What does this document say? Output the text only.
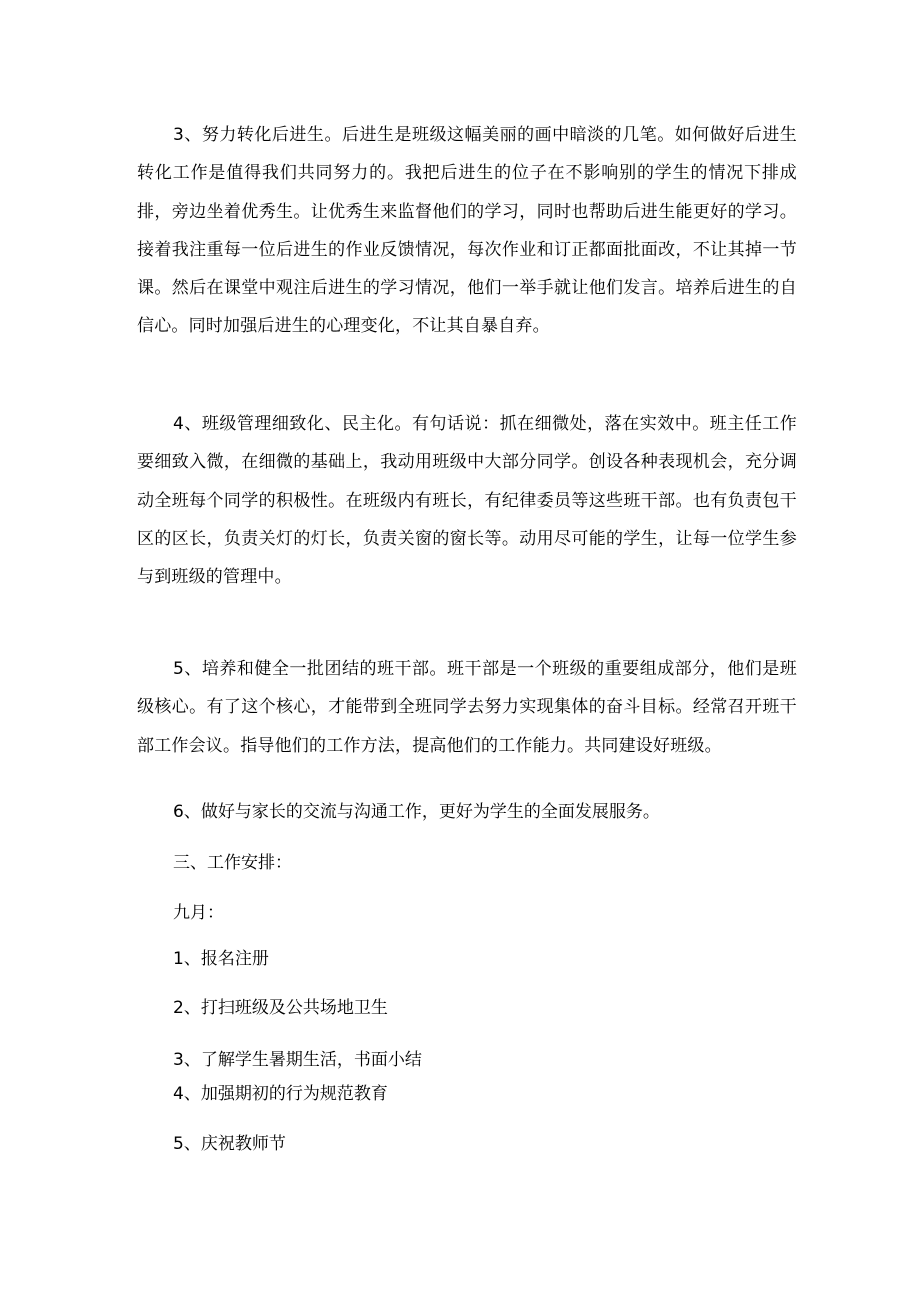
3、努力转化后进生。后进生是班级这幅美丽的画中暗淡的几笔。如何做好后进生转化工作是值得我们共同努力的。我把后进生的位子在不影响别的学生的情况下排成排，旁边坐着优秀生。让优秀生来监督他们的学习，同时也帮助后进生能更好的学习。接着我注重每一位后进生的作业反馈情况，每次作业和订正都面批面改，不让其掉一节课。然后在课堂中观注后进生的学习情况，他们一举手就让他们发言。培养后进生的自信心。同时加强后进生的心理变化，不让其自暴自弃。

4、班级管理细致化、民主化。有句话说：抓在细微处，落在实效中。班主任工作要细致入微，在细微的基础上，我动用班级中大部分同学。创设各种表现机会，充分调动全班每个同学的积极性。在班级内有班长，有纪律委员等这些班干部。也有负责包干区的区长，负责关灯的灯长，负责关窗的窗长等。动用尽可能的学生，让每一位学生参与到班级的管理中。

5、培养和健全一批团结的班干部。班干部是一个班级的重要组成部分，他们是班级核心。有了这个核心，才能带到全班同学去努力实现集体的奋斗目标。经常召开班干部工作会议。指导他们的工作方法，提高他们的工作能力。共同建设好班级。

6、做好与家长的交流与沟通工作，更好为学生的全面发展服务。

三、工作安排：

九月：

1、报名注册

2、打扫班级及公共场地卫生

3、了解学生暑期生活，书面小结

4、加强期初的行为规范教育

5、庆祝教师节
